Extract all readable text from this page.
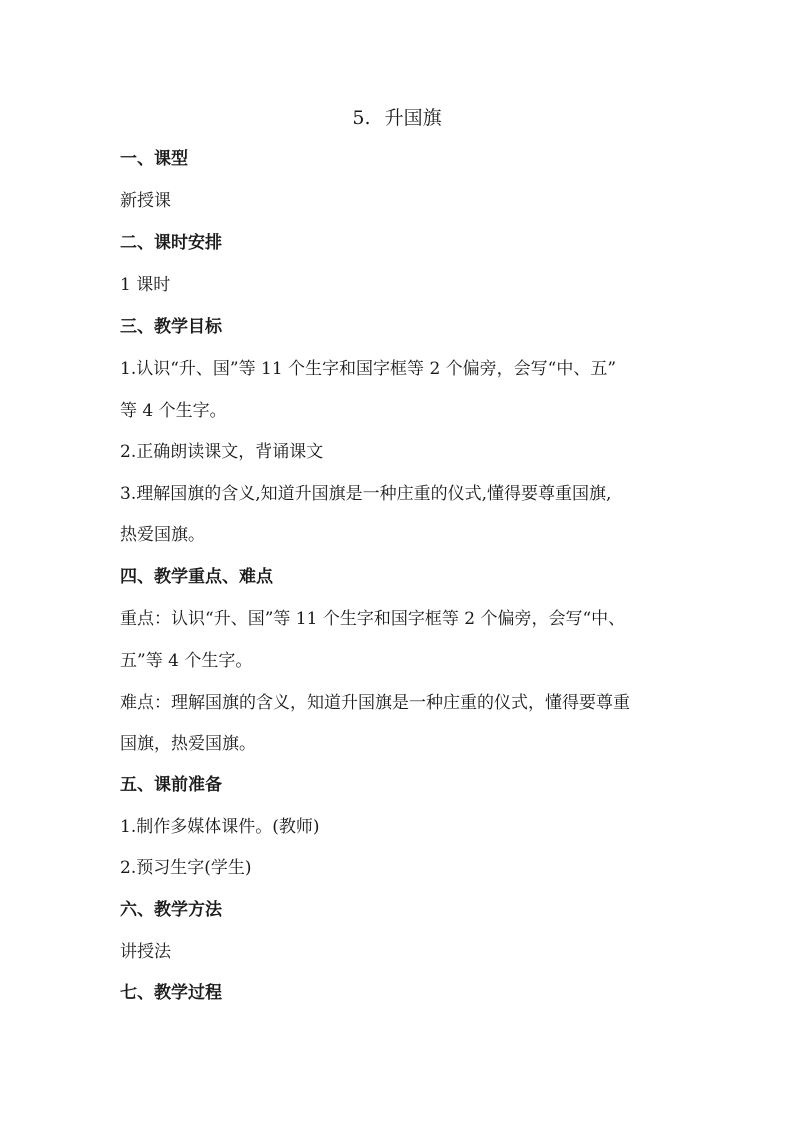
5. 升国旗

一、课型

新授课

二、课时安排

1 课时

三、教学目标

1.认识“升、国”等 11 个生字和国字框等 2 个偏旁，会写“中、五”

等 4 个生字。

2.正确朗读课文，背诵课文

3.理解国旗的含义,知道升国旗是一种庄重的仪式,懂得要尊重国旗,

热爱国旗。

四、教学重点、难点

重点：认识“升、国”等 11 个生字和国字框等 2 个偏旁，会写“中、

五”等 4 个生字。

难点：理解国旗的含义，知道升国旗是一种庄重的仪式，懂得要尊重

国旗，热爱国旗。

五、课前准备

1.制作多媒体课件。(教师)

2.预习生字(学生)

六、教学方法

讲授法

七、教学过程
